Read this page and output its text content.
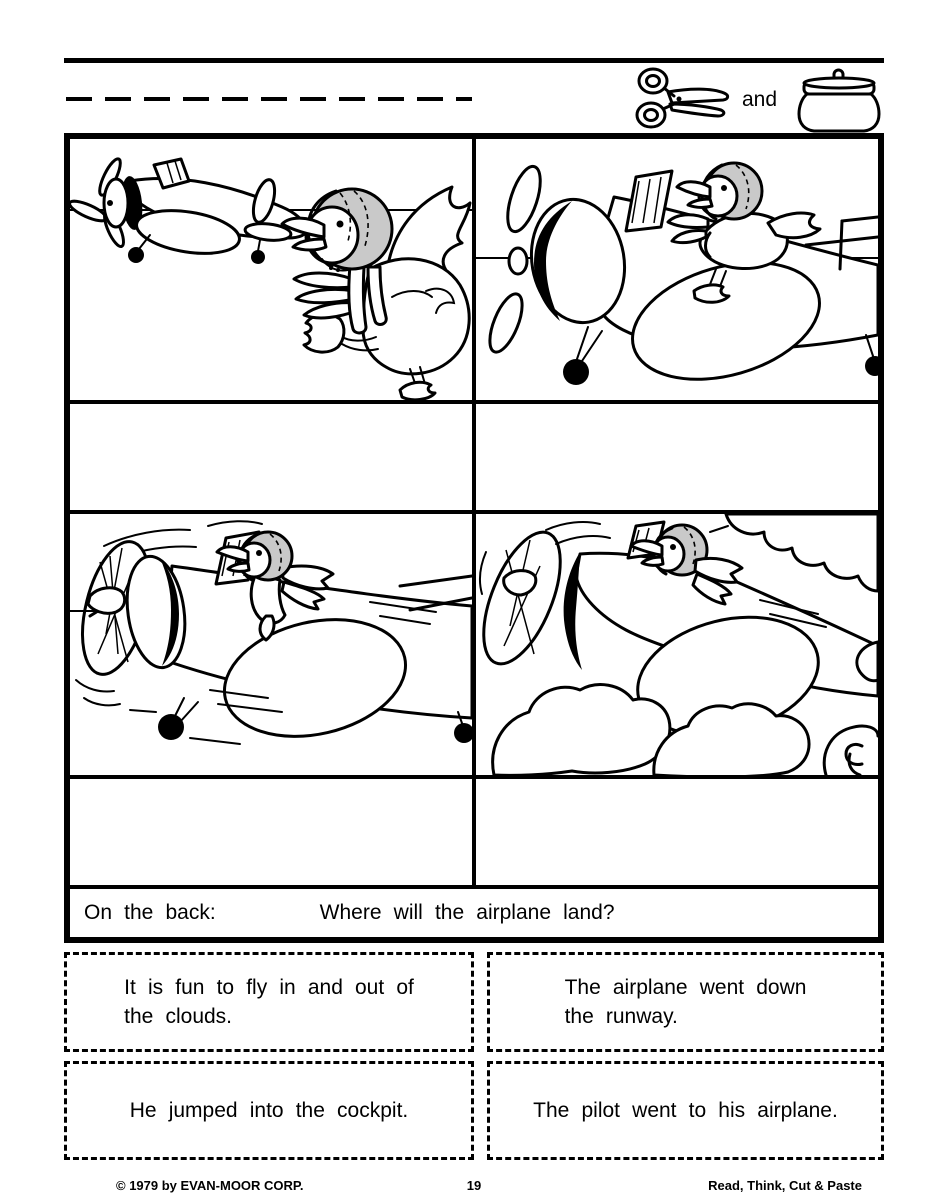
and
On the back:	Where will the airplane land?
It is fun to fly in and out of
the clouds.
The airplane went down
the runway.
He jumped into the cockpit.	The pilot went to his airplane.
© 1979 by EVAN-MOOR CORP.	19	Read, Think, Cut & Paste
